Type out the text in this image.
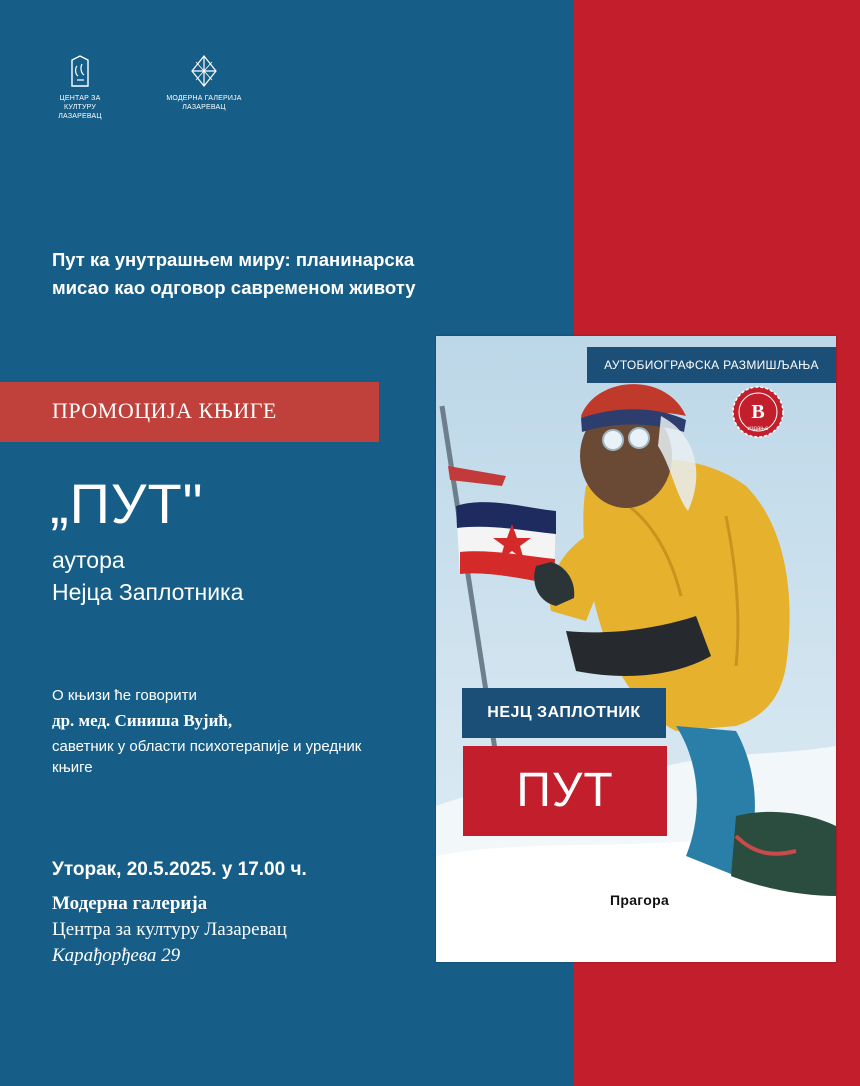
ЦЕНТАР ЗА КУЛТУРУ
ЛАЗАРЕВАЦ
МОДЕРНА ГАЛЕРИЈА
ЛАЗАРЕВАЦ
Пут ка унутрашњем миру: планинарска
мисао као одговор савременом животу
ПРОМОЦИЈА КЊИГЕ
„ПУТ"
аутора
Нејца Заплотника
О књизи ће говорити
др. мед. Синиша Вујић,
саветник у области психотерапије и уредник књиге
Уторак, 20.5.2025. у 17.00 ч.
Модерна галерија
Центра за културу Лазаревац
Карађорђева 29
АУТОБИОГРАФСКА РАЗМИШЉАЊА
В
издање
НЕЈЦ ЗАПЛОТНИК
ПУТ
Прагора
